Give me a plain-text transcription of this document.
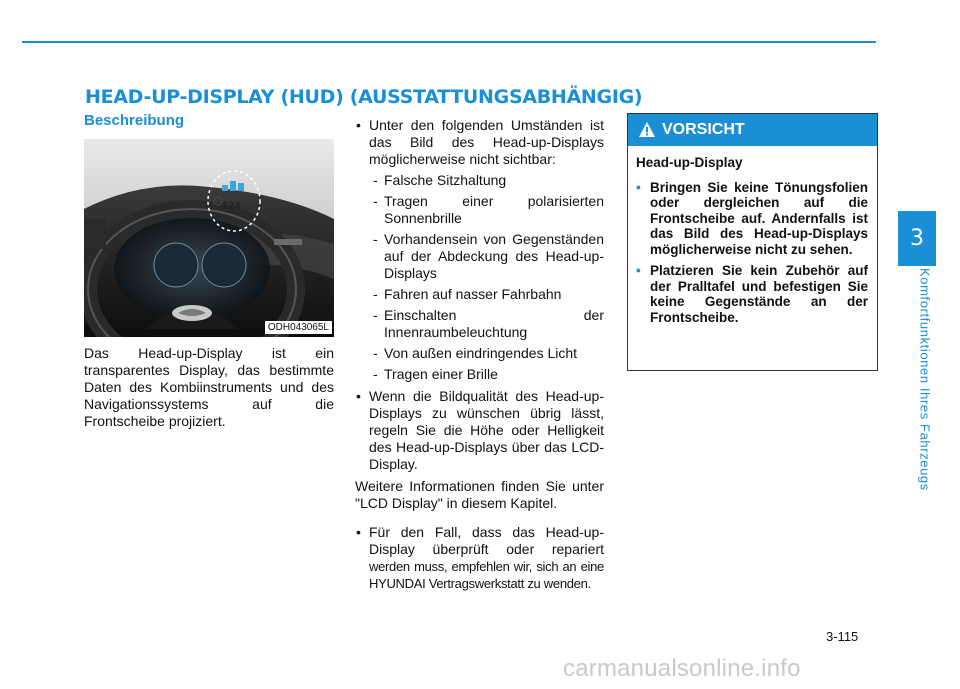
HEAD-UP-DISPLAY (HUD) (AUSSTATTUNGSABHÄNGIG)
Beschreibung
124 km/h
ODH043065L
Das Head-up-Display ist ein transparentes Display, das bestimmte Daten des Kombiinstruments und des Navigationssystems auf die Frontscheibe projiziert.
• Unter den folgenden Umständen ist das Bild des Head-up-Displays möglicherweise nicht sichtbar:
- Falsche Sitzhaltung
- Tragen einer polarisierten Sonnenbrille
- Vorhandensein von Gegenständen auf der Abdeckung des Head-up-Displays
- Fahren auf nasser Fahrbahn
- Einschalten der Innenraumbeleuchtung
- Von außen eindringendes Licht
- Tragen einer Brille
• Wenn die Bildqualität des Head-up-Displays zu wünschen übrig lässt, regeln Sie die Höhe oder Helligkeit des Head-up-Displays über das LCD-Display.
Weitere Informationen finden Sie unter "LCD Display" in diesem Kapitel.
• Für den Fall, dass das Head-up-Display überprüft oder repariert werden muss, empfehlen wir, sich an eine HYUNDAI Vertragswerkstatt zu wenden.
VORSICHT
Head-up-Display
• Bringen Sie keine Tönungsfolien oder dergleichen auf die Frontscheibe auf. Andernfalls ist das Bild des Head-up-Displays möglicherweise nicht zu sehen.
• Platzieren Sie kein Zubehör auf der Pralltafel und befestigen Sie keine Gegenstände an der Frontscheibe.
3
Komfortfunktionen Ihres Fahrzeugs
3-115
carmanualsonline.info
